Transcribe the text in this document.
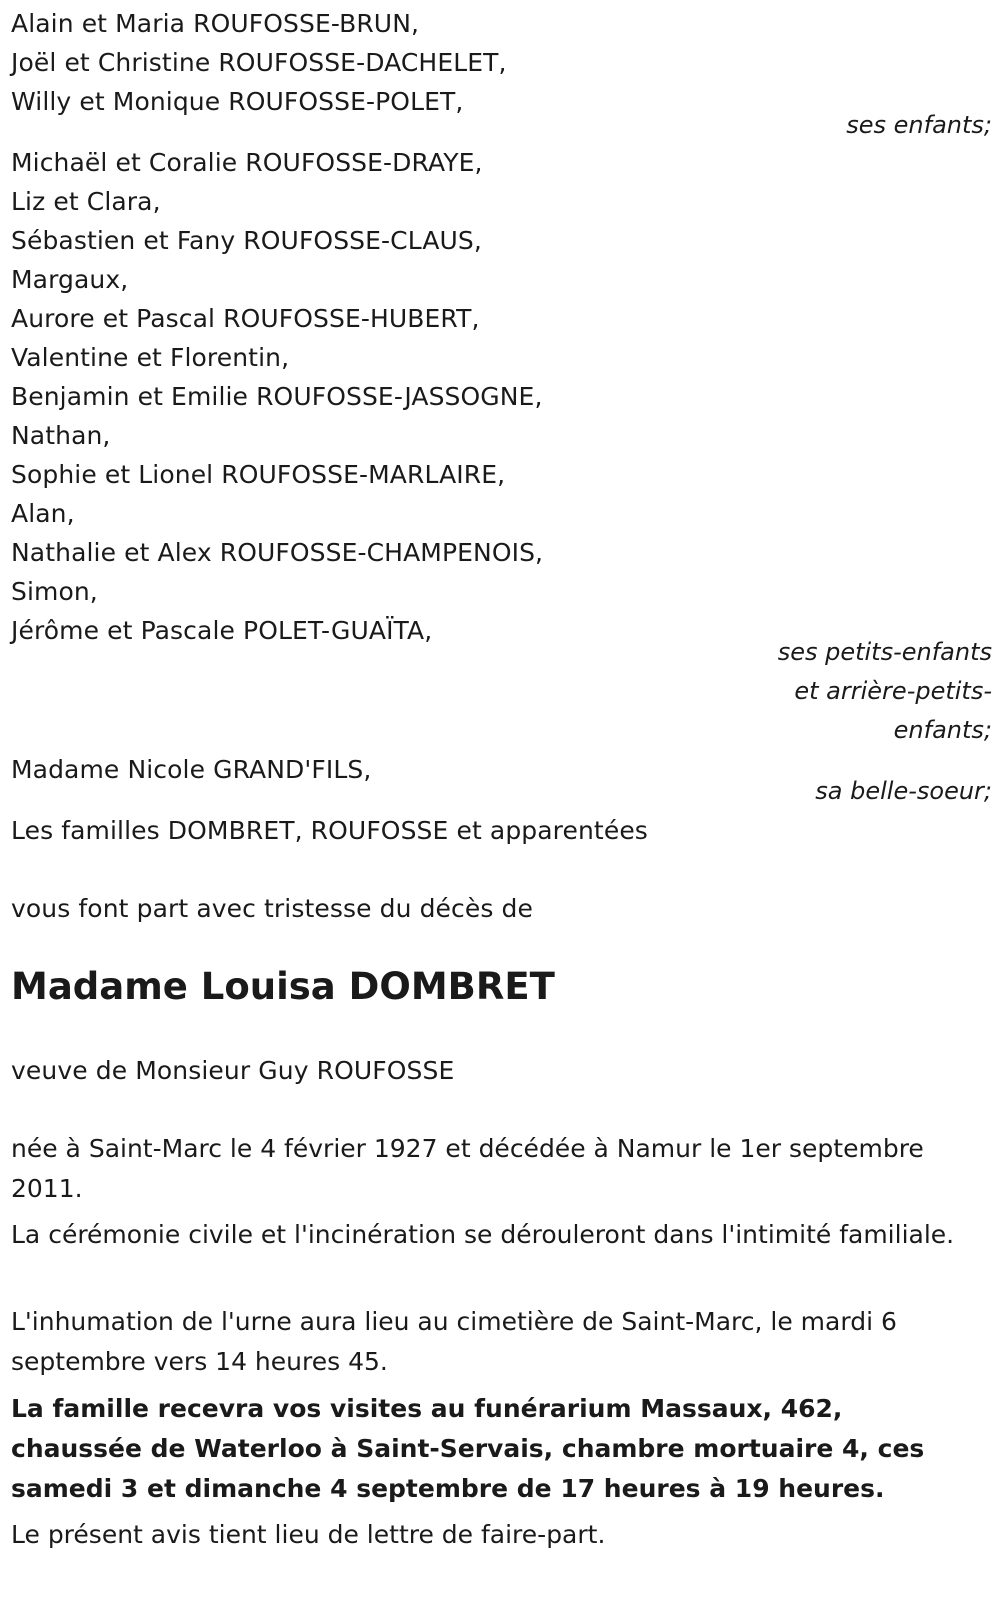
Alain et Maria ROUFOSSE-BRUN,
Joël et Christine ROUFOSSE-DACHELET,
Willy et Monique ROUFOSSE-POLET,
ses enfants;
Michaël et Coralie ROUFOSSE-DRAYE,
Liz et Clara,
Sébastien et Fany ROUFOSSE-CLAUS,
Margaux,
Aurore et Pascal ROUFOSSE-HUBERT,
Valentine et Florentin,
Benjamin et Emilie ROUFOSSE-JASSOGNE,
Nathan,
Sophie et Lionel ROUFOSSE-MARLAIRE,
Alan,
Nathalie et Alex ROUFOSSE-CHAMPENOIS,
Simon,
Jérôme et Pascale POLET-GUAÏTA,
ses petits-enfants
et arrière-petits-
enfants;
Madame Nicole GRAND'FILS,
sa belle-soeur;
Les familles DOMBRET, ROUFOSSE et apparentées
vous font part avec tristesse du décès de
Madame Louisa DOMBRET
veuve de Monsieur Guy ROUFOSSE
née à Saint-Marc le 4 février 1927 et décédée à Namur le 1er septembre 2011.
La cérémonie civile et l'incinération se dérouleront dans l'intimité familiale.
L'inhumation de l'urne aura lieu au cimetière de Saint-Marc, le mardi 6 septembre vers 14 heures 45.
La famille recevra vos visites au funérarium Massaux, 462, chaussée de Waterloo à Saint-Servais, chambre mortuaire 4, ces samedi 3 et dimanche 4 septembre de 17 heures à 19 heures.
Le présent avis tient lieu de lettre de faire-part.
